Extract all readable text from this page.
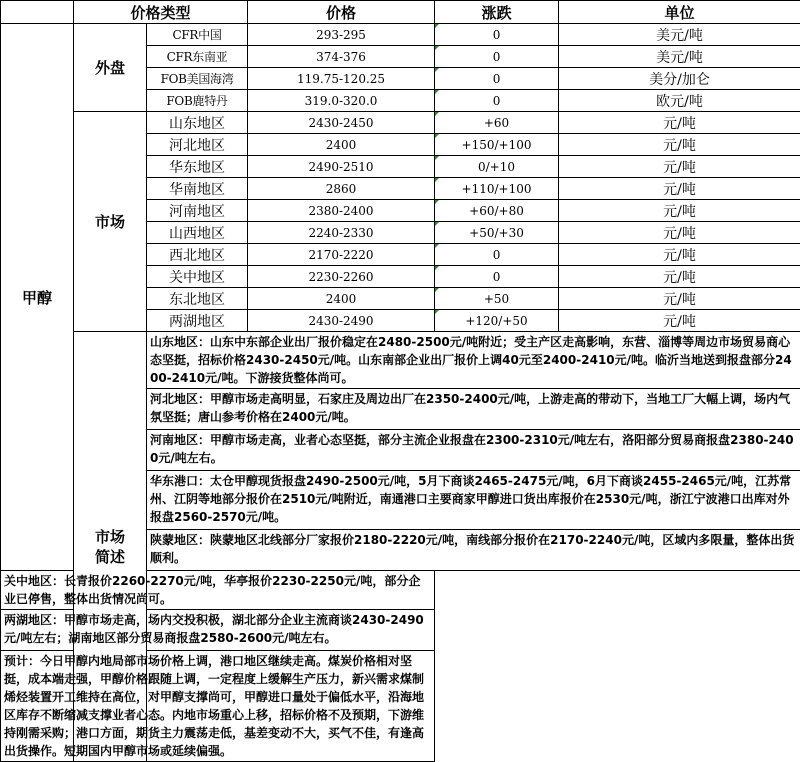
	价格类型		价格	涨跌	单位
甲醇	外盘	CFR中国	293-295	0	美元/吨
		CFR东南亚	374-376	0	美元/吨
		FOB美国海湾	119.75-120.25	0	美分/加仑
		FOB鹿特丹	319.0-320.0	0	欧元/吨
	市场	山东地区	2430-2450	+60	元/吨
		河北地区	2400	+150/+100	元/吨
		华东地区	2490-2510	0/+10	元/吨
		华南地区	2860	+110/+100	元/吨
		河南地区	2380-2400	+60/+80	元/吨
		山西地区	2240-2330	+50/+30	元/吨
		西北地区	2170-2220	0	元/吨
		关中地区	2230-2260	0	元/吨
		东北地区	2400	+50	元/吨
		两湖地区	2430-2490	+120/+50	元/吨

	市场
简述	山东地区：山东中东部企业出厂报价稳定在2480-2500元/吨附近；受主产区走高影响，东营、淄博等周边市场贸易商心态坚挺，招标价格2430-2450元/吨。山东南部企业出厂报价上调40元至2400-2410元/吨。临沂当地送到报盘部分2400-2410元/吨。下游接货整体尚可。			
		河北地区：甲醇市场走高明显，石家庄及周边出厂在2350-2400元/吨，上游走高的带动下，当地工厂大幅上调，场内气氛坚挺；唐山参考价格在2400元/吨。			
		河南地区：甲醇市场走高，业者心态坚挺，部分主流企业报盘在2300-2310元/吨左右，洛阳部分贸易商报盘2380-2400元/吨左右。			
		华东港口：太仓甲醇现货报盘2490-2500元/吨，5月下商谈2465-2475元/吨，6月下商谈2455-2465元/吨，江苏常州、江阴等地部分报价在2510元/吨附近，南通港口主要商家甲醇进口货出库报价在2530元/吨，浙江宁波港口出库对外报盘2560-2570元/吨。			
		陕蒙地区：陕蒙地区北线部分厂家报价2180-2220元/吨，南线部分报价在2170-2240元/吨，区域内多限量，整体出货顺利。			
关中地区：长青报价2260-2270元/吨，华亭报价2230-2250元/吨，部分企业已停售，整体出货情况尚可。					
两湖地区：甲醇市场走高，场内交投积极，湖北部分企业主流商谈2430-2490元/吨左右；湖南地区部分贸易商报盘2580-2600元/吨左右。					
预计：今日甲醇内地局部市场价格上调，港口地区继续走高。煤炭价格相对坚挺，成本端走强，甲醇价格跟随上调，一定程度上缓解生产压力，新兴需求煤制烯烃装置开工维持在高位，对甲醇支撑尚可，甲醇进口量处于偏低水平，沿海地区库存不断缩减支撑业者心态。内地市场重心上移，招标价格不及预期，下游维持刚需采购；港口方面，期货主力震荡走低，基差变动不大，买气不佳，有逢高出货操作。短期国内甲醇市场或延续偏强。					
